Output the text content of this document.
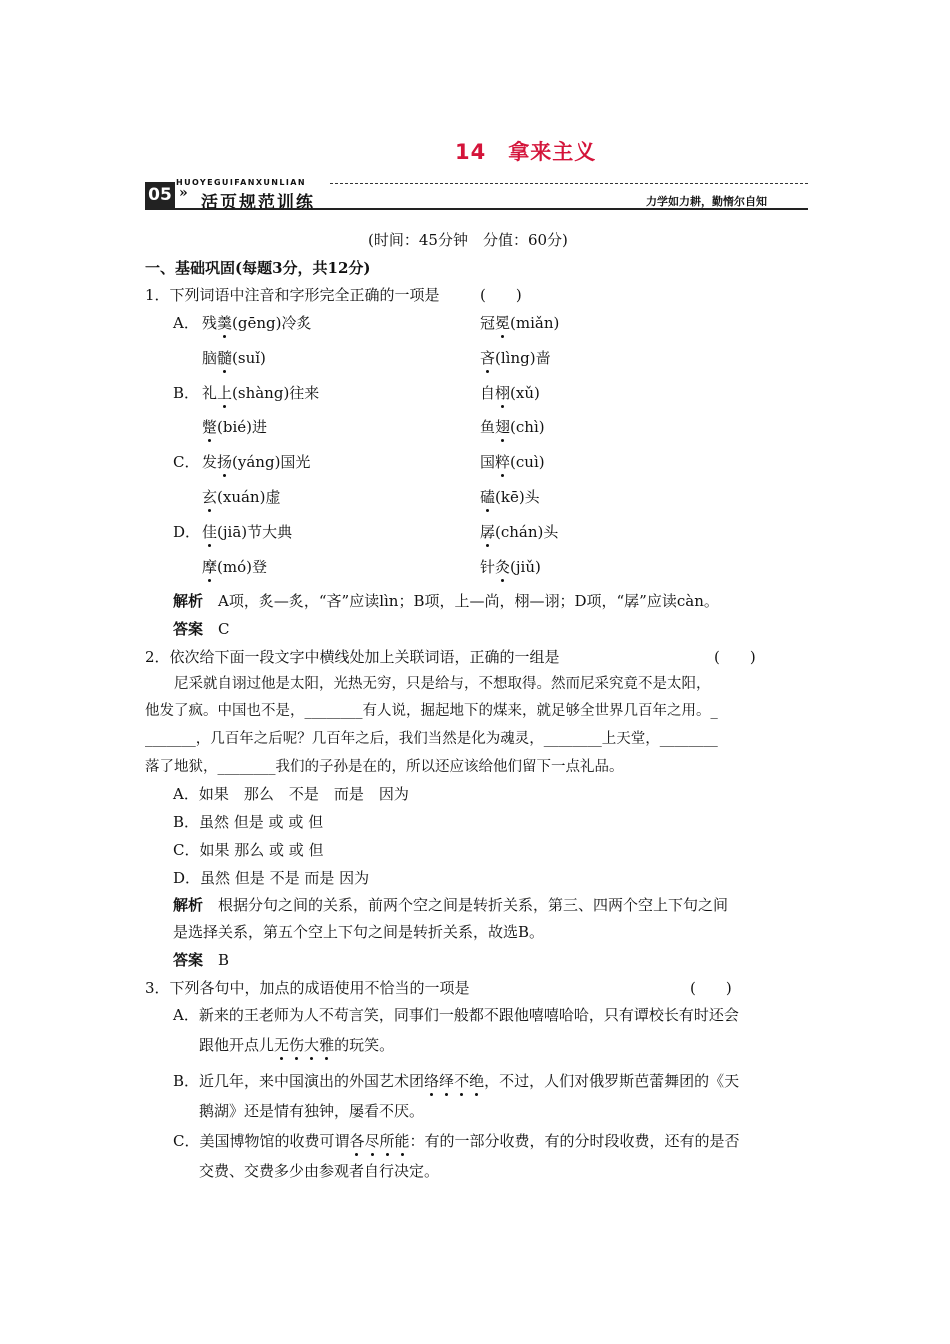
14　拿来主义
05
HUOYEGUIFANXUNLIAN
» 活页规范训练	力学如力耕，勤惰尔自知
(时间：45分钟　分值：60分)
一、基础巩固(每题3分，共12分)
1．下列词语中注音和字形完全正确的一项是	(　　)
A． 残羹(gēng)冷炙	冠冕(miǎn)
脑髓(suǐ)	吝(lìng)啬
B． 礼上(shàng)往来	自栩(xǔ)
蹩(bié)进	鱼翅(chì)
C． 发扬(yáng)国光	国粹(cuì)
玄(xuán)虚	磕(kē)头
D． 佳(jiā)节大典	孱(chán)头
摩(mó)登	针灸(jiǔ)
解析　 A项，炙—炙，“吝”应读lìn；B项，上—尚，栩—诩；D项，“孱”应读càn。
答案　 C
2．依次给下面一段文字中横线处加上关联词语，正确的一组是	(　　)
　　尼采就自诩过他是太阳，光热无穷，只是给与，不想取得。然而尼采究竟不是太阳，
他发了疯。中国也不是，________有人说，掘起地下的煤来，就足够全世界几百年之用。_
_______，几百年之后呢？几百年之后，我们当然是化为魂灵，________上天堂，________
落了地狱，________我们的子孙是在的，所以还应该给他们留下一点礼品。
A．如果　那么　不是　而是　因为
B．虽然 但是 或 或 但
C．如果 那么 或 或 但
D．虽然 但是 不是 而是 因为
解析　 根据分句之间的关系，前两个空之间是转折关系，第三、四两个空上下句之间
是选择关系，第五个空上下句之间是转折关系，故选B。
答案　 B
3．下列各句中，加点的成语使用不恰当的一项是	(　　)
A．新来的王老师为人不苟言笑，同事们一般都不跟他嘻嘻哈哈，只有谭校长有时还会
跟他开点儿无伤大雅的玩笑。
B．近几年，来中国演出的外国艺术团络绎不绝，不过，人们对俄罗斯芭蕾舞团的《天
鹅湖》还是情有独钟，屡看不厌。
C．美国博物馆的收费可谓各尽所能：有的一部分收费，有的分时段收费，还有的是否
交费、交费多少由参观者自行决定。
